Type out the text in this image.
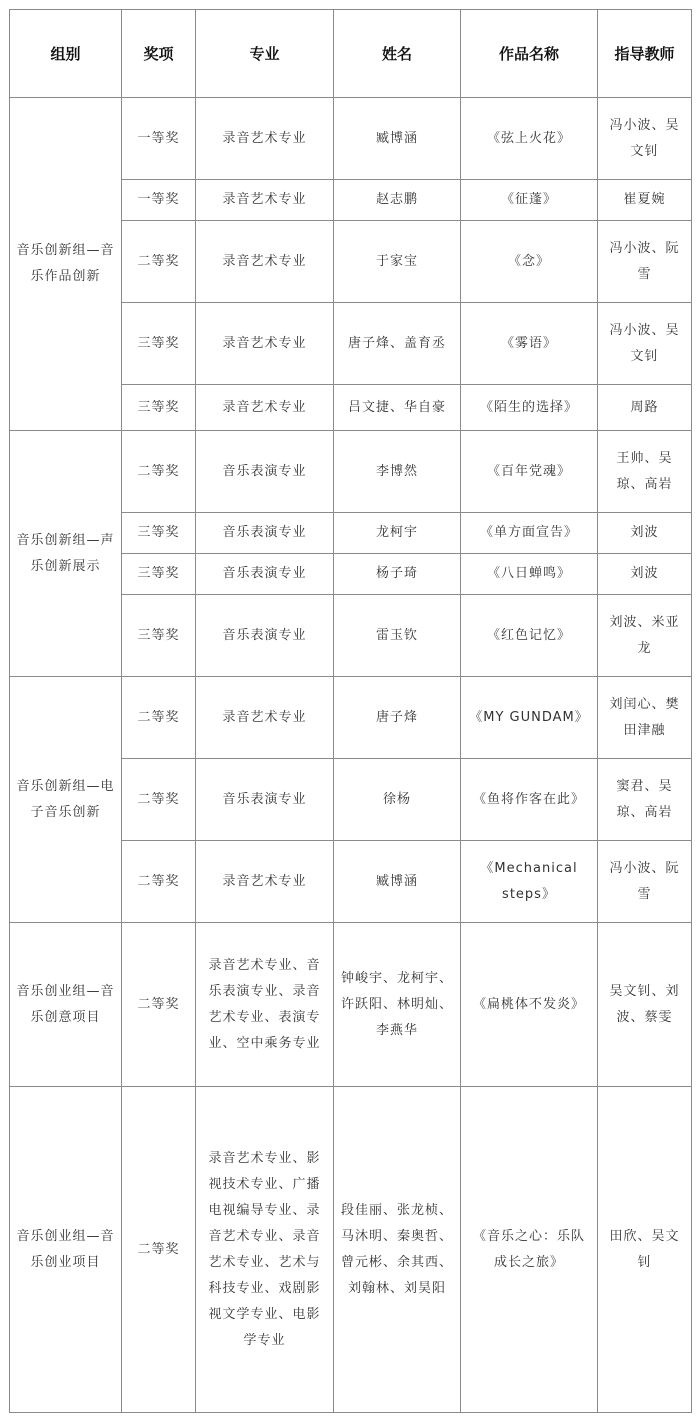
组别	奖项	专业	姓名	作品名称	指导教师
音乐创新组—音乐作品创新	一等奖	录音艺术专业	臧博涵	《弦上火花》	冯小波、吴文钊
	一等奖	录音艺术专业	赵志鹏	《征蓬》	崔夏婉
	二等奖	录音艺术专业	于家宝	《念》	冯小波、阮雪
	三等奖	录音艺术专业	唐子烽、盖育丞	《雾语》	冯小波、吴文钊
	三等奖	录音艺术专业	吕文捷、华自豪	《陌生的选择》	周路
音乐创新组—声乐创新展示	二等奖	音乐表演专业	李博然	《百年党魂》	王帅、吴琼、高岩
	三等奖	音乐表演专业	龙柯宇	《单方面宣告》	刘波
	三等奖	音乐表演专业	杨子琦	《八日蝉鸣》	刘波
	三等奖	音乐表演专业	雷玉钦	《红色记忆》	刘波、米亚龙
音乐创新组—电子音乐创新	二等奖	录音艺术专业	唐子烽	《MY GUNDAM》	刘闰心、樊田津融
	二等奖	音乐表演专业	徐杨	《鱼将作客在此》	窦君、吴琼、高岩
	二等奖	录音艺术专业	臧博涵	《Mechanical steps》	冯小波、阮雪
音乐创业组—音乐创意项目	二等奖	录音艺术专业、音乐表演专业、录音艺术专业、表演专业、空中乘务专业	钟峻宇、龙柯宇、许跃阳、林明灿、李燕华	《扁桃体不发炎》	吴文钊、刘波、蔡雯
音乐创业组—音乐创业项目	二等奖	录音艺术专业、影视技术专业、广播电视编导专业、录音艺术专业、录音艺术专业、艺术与科技专业、戏剧影视文学专业、电影学专业	段佳丽、张龙桢、马沐明、秦奥哲、曾元彬、余其西、刘翰林、刘昊阳	《音乐之心：乐队成长之旅》	田欣、吴文钊
